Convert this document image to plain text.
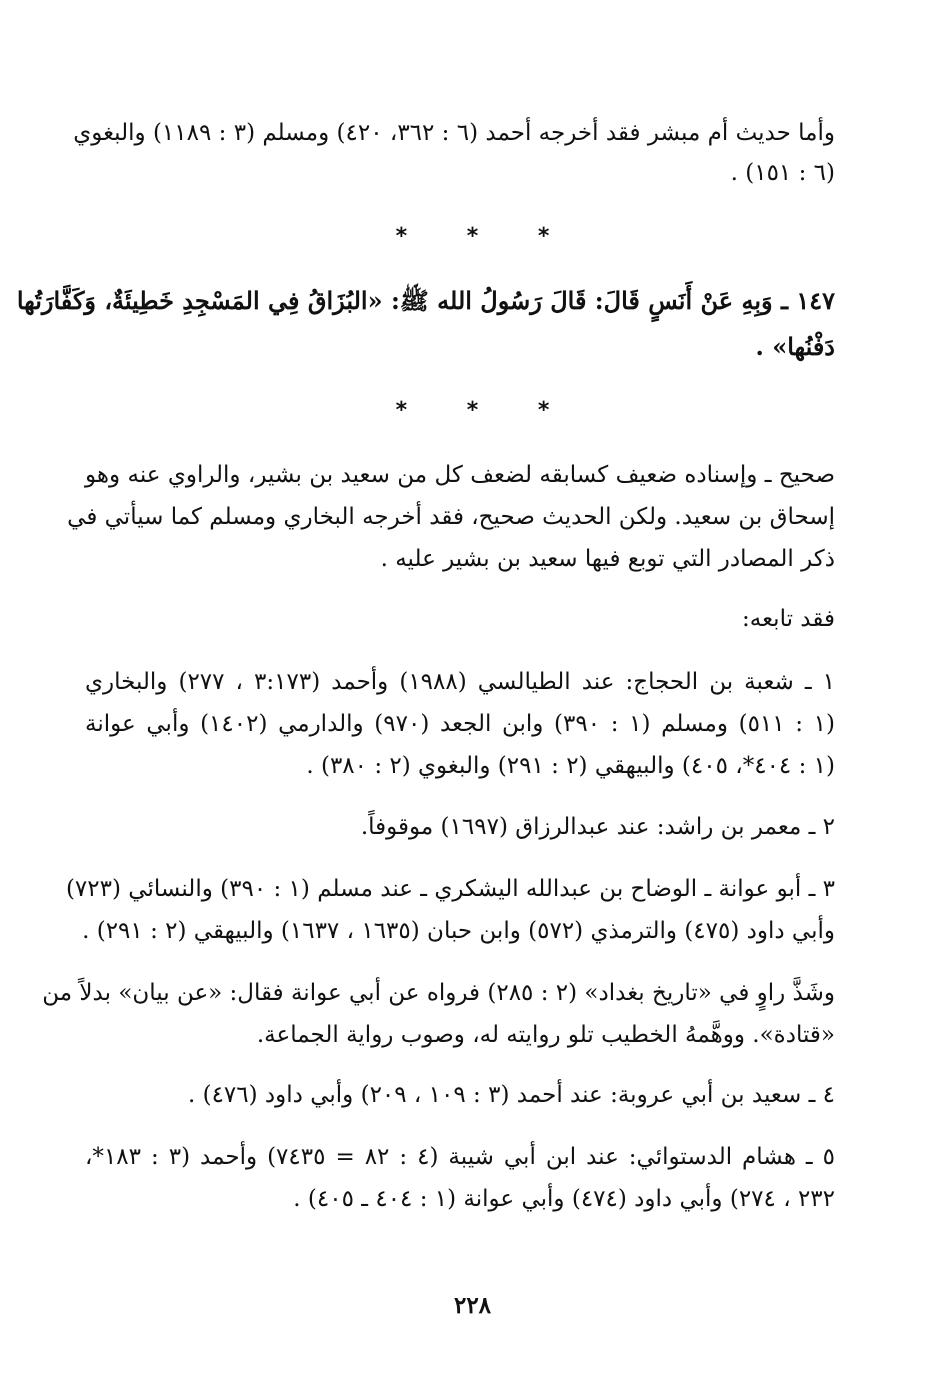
وأما حديث أم مبشر فقد أخرجه أحمد (٦ : ٣٦٢، ٤٢٠) ومسلم (٣ : ١١٨٩) والبغوي
(٦ : ١٥١) .
* * *
١٤٧ ـ وَبِهِ عَنْ أَنَسٍ قَالَ: قَالَ رَسُولُ الله ﷺ: «البُزَاقُ فِي المَسْجِدِ خَطِيئَةٌ، وَكَفَّارَتُها
دَفْنُها» .
* * *
صحيح ـ وإسناده ضعيف كسابقه لضعف كل من سعيد بن بشير، والراوي عنه وهو
إسحاق بن سعيد. ولكن الحديث صحيح، فقد أخرجه البخاري ومسلم كما سيأتي في
ذكر المصادر التي توبع فيها سعيد بن بشير عليه .
فقد تابعه:
١ ـ شعبة بن الحجاج: عند الطيالسي (١٩٨٨) وأحمد (٣:١٧٣ ، ٢٧٧) والبخاري
(١ : ٥١١) ومسلم (١ : ٣٩٠) وابن الجعد (٩٧٠) والدارمي (١٤٠٢) وأبي عوانة
(١ : ٤٠٤*، ٤٠٥) والبيهقي (٢ : ٢٩١) والبغوي (٢ : ٣٨٠) .
٢ ـ معمر بن راشد: عند عبدالرزاق (١٦٩٧) موقوفاً.
٣ ـ أبو عوانة ـ الوضاح بن عبدالله اليشكري ـ عند مسلم (١ : ٣٩٠) والنسائي (٧٢٣)
وأبي داود (٤٧٥) والترمذي (٥٧٢) وابن حبان (١٦٣٥ ، ١٦٣٧) والبيهقي (٢ : ٢٩١) .
وشَذَّ راوٍ في «تاريخ بغداد» (٢ : ٢٨٥) فرواه عن أبي عوانة فقال: «عن بيان» بدلاً من
«قتادة». ووهَّمهُ الخطيب تلو روايته له، وصوب رواية الجماعة.
٤ ـ سعيد بن أبي عروبة: عند أحمد (٣ : ١٠٩ ، ٢٠٩) وأبي داود (٤٧٦) .
٥ ـ هشام الدستوائي: عند ابن أبي شيبة (٤ : ٨٢ = ٧٤٣٥) وأحمد (٣ : ١٨٣*،
٢٣٢ ، ٢٧٤) وأبي داود (٤٧٤) وأبي عوانة (١ : ٤٠٤ ـ ٤٠٥) .
٢٢٨
